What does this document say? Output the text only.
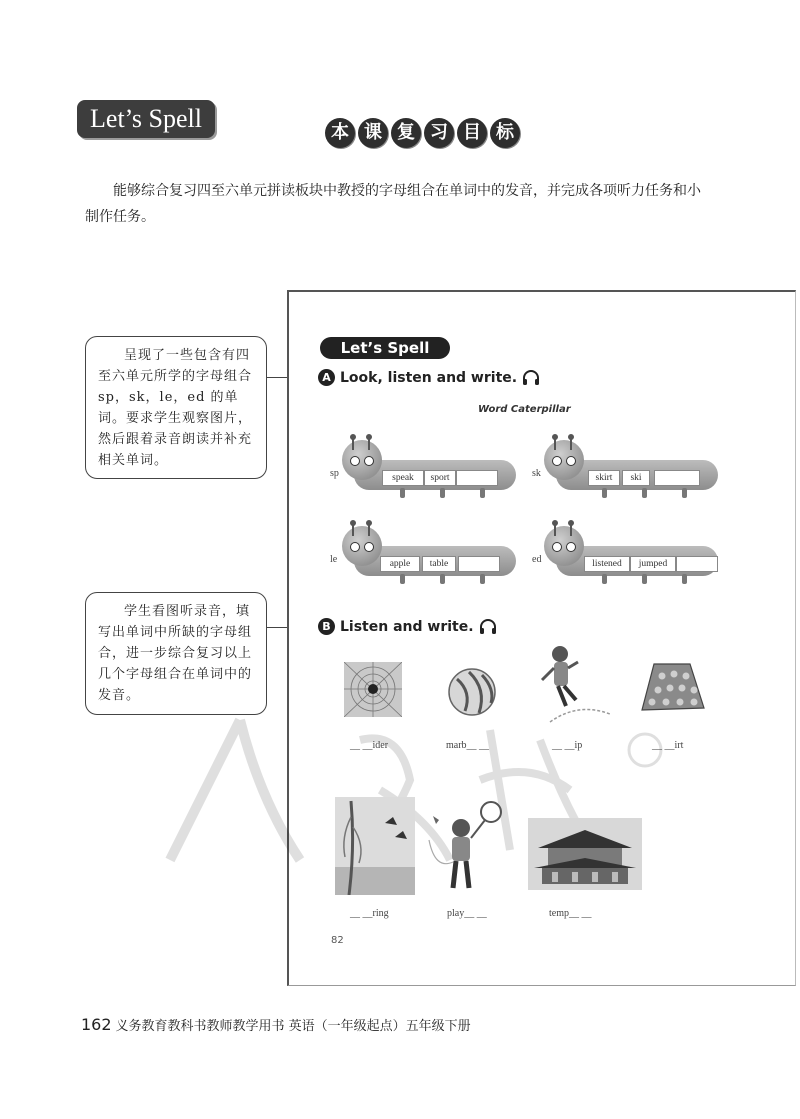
Let’s Spell	本 课 复 习 目 标
能够综合复习四至六单元拼读板块中教授的字母组合在单词中的发音，并完成各项听力任务和小制作任务。
呈现了一些包含有四至六单元所学的字母组合 sp，sk，le，ed 的单词。要求学生观察图片，然后跟着录音朗读并补充相关单词。
学生看图听录音，填写出单词中所缺的字母组合，进一步综合复习以上几个字母组合在单词中的发音。
Let’s Spell
A Look, listen and write.
Word Caterpillar
sp	speak	sport	sk	skirt	ski
le	apple	table	ed	listened	jumped
B Listen and write.
__ __ider	marb__ __	__ __ip	__ __irt
__ __ring	play__ __	temp__ __
82
162 义务教育教科书教师教学用书 英语（一年级起点）五年级下册
